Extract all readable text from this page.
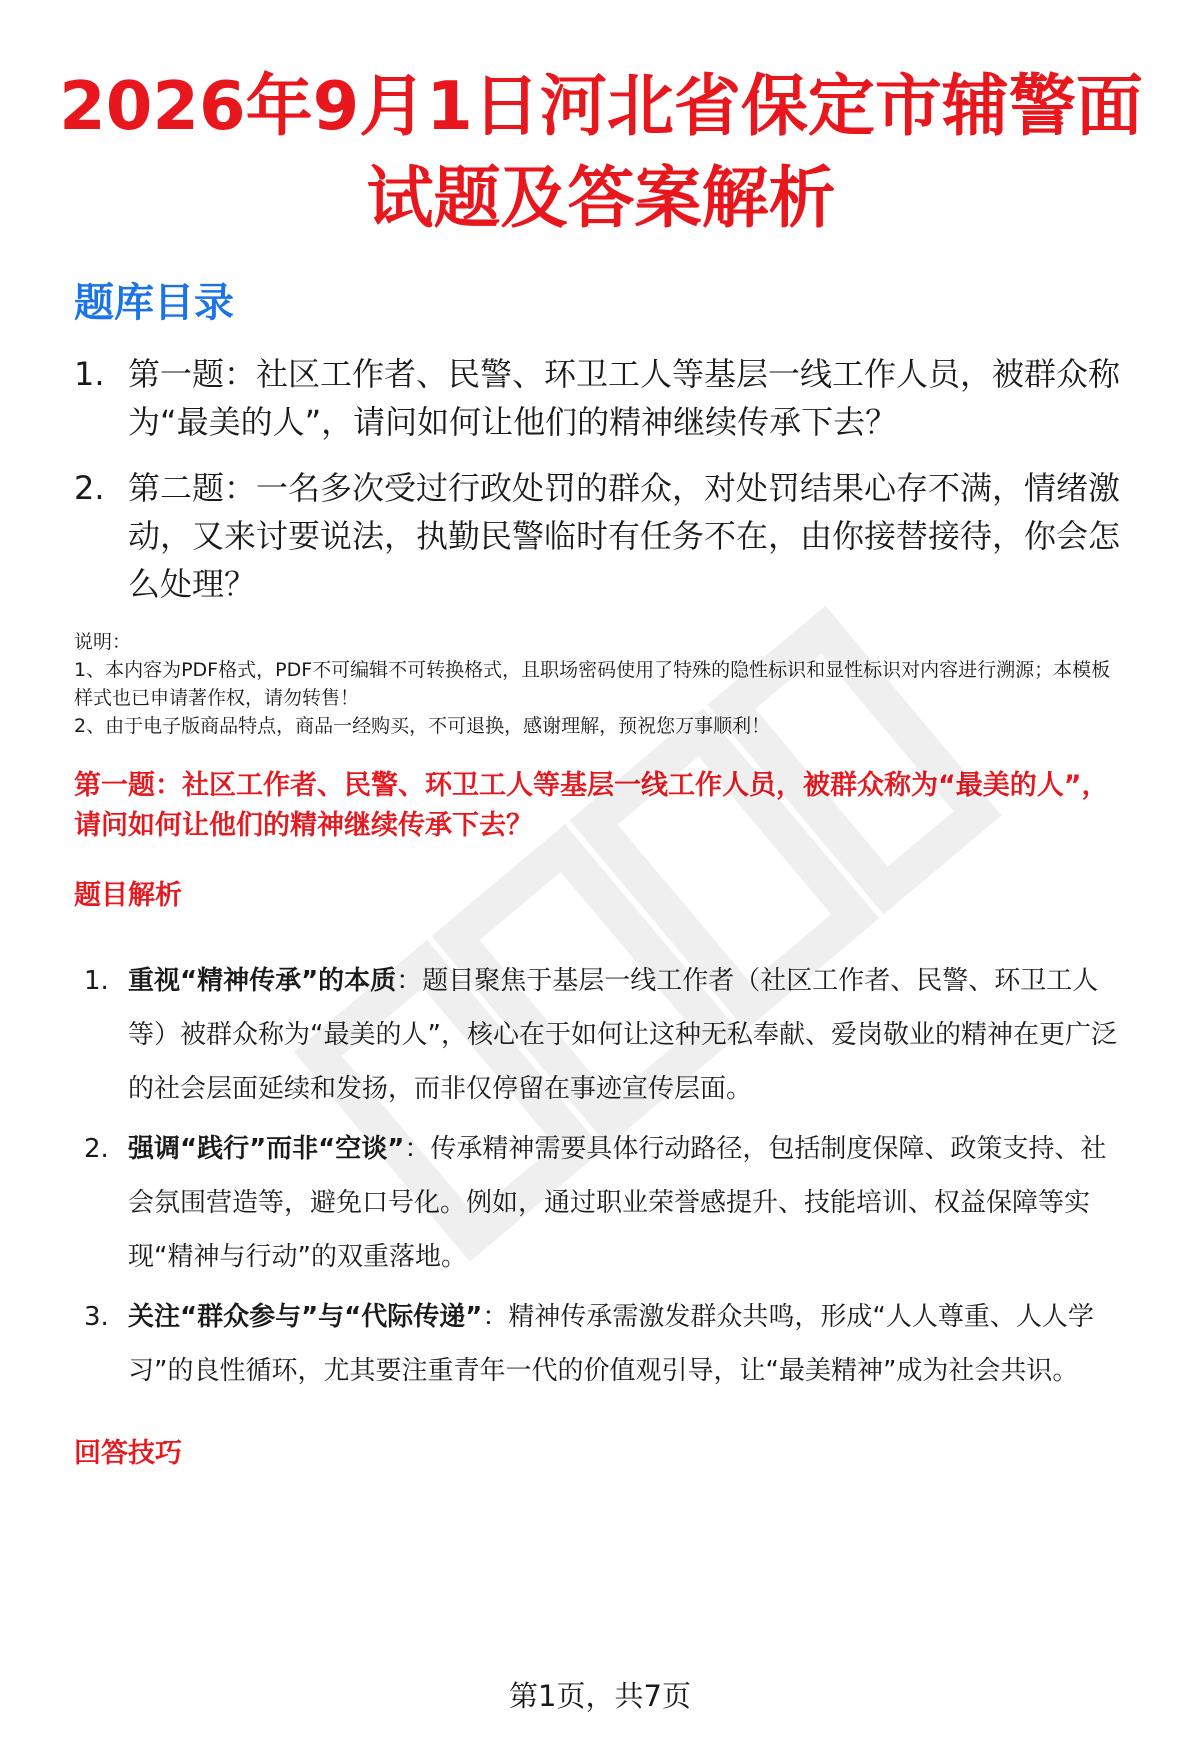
2026年9月1日河北省保定市辅警面试题及答案解析
题库目录
1. 第一题：社区工作者、民警、环卫工人等基层一线工作人员，被群众称为“最美的人”，请问如何让他们的精神继续传承下去？
2. 第二题：一名多次受过行政处罚的群众，对处罚结果心存不满，情绪激动，又来讨要说法，执勤民警临时有任务不在，由你接替接待，你会怎么处理？
说明：
1、本内容为PDF格式，PDF不可编辑不可转换格式，且职场密码使用了特殊的隐性标识和显性标识对内容进行溯源；本模板样式也已申请著作权，请勿转售！
2、由于电子版商品特点，商品一经购买，不可退换，感谢理解，预祝您万事顺利！
第一题：社区工作者、民警、环卫工人等基层一线工作人员，被群众称为“最美的人”，请问如何让他们的精神继续传承下去？
题目解析
1. 重视“精神传承”的本质：题目聚焦于基层一线工作者（社区工作者、民警、环卫工人等）被群众称为“最美的人”，核心在于如何让这种无私奉献、爱岗敬业的精神在更广泛的社会层面延续和发扬，而非仅停留在事迹宣传层面。
2. 强调“践行”而非“空谈”：传承精神需要具体行动路径，包括制度保障、政策支持、社会氛围营造等，避免口号化。例如，通过职业荣誉感提升、技能培训、权益保障等实现“精神与行动”的双重落地。
3. 关注“群众参与”与“代际传递”：精神传承需激发群众共鸣，形成“人人尊重、人人学习”的良性循环，尤其要注重青年一代的价值观引导，让“最美精神”成为社会共识。
回答技巧
第1页，共7页
